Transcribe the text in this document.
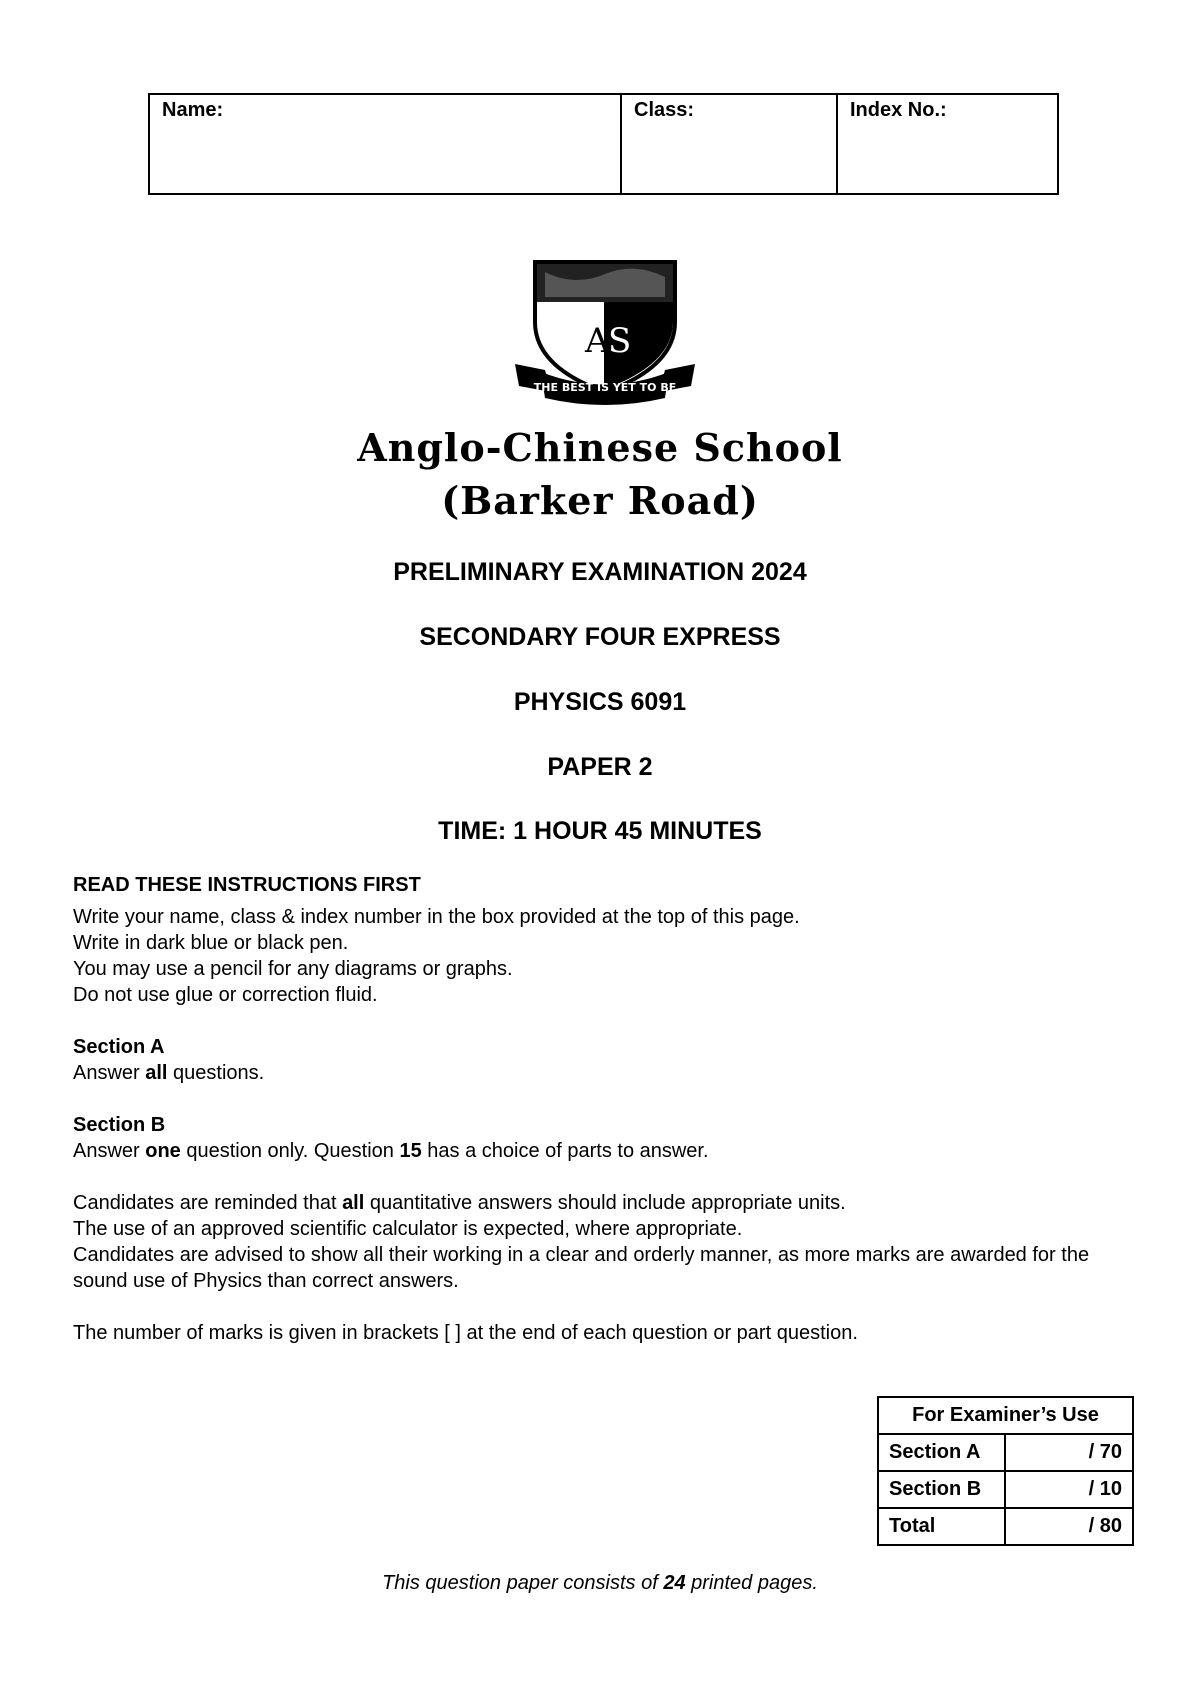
Name:	Class:	Index No.:
A
S
THE BEST IS YET TO BE
Anglo-Chinese School
(Barker Road)
PRELIMINARY EXAMINATION 2024
SECONDARY FOUR EXPRESS
PHYSICS 6091
PAPER 2
TIME: 1 HOUR 45 MINUTES

READ THESE INSTRUCTIONS FIRST

Write your name, class & index number in the box provided at the top of this page.

Write in dark blue or black pen.

You may use a pencil for any diagrams or graphs.

Do not use glue or correction fluid.

Section A

Answer all questions.

Section B

Answer one question only. Question 15 has a choice of parts to answer.

Candidates are reminded that all quantitative answers should include appropriate units.

The use of an approved scientific calculator is expected, where appropriate.

Candidates are advised to show all their working in a clear and orderly manner, as more marks are awarded for the sound use of Physics than correct answers.

The number of marks is given in brackets [ ] at the end of each question or part question.

For Examiner’s Use	
Section A	/ 70
Section B	/ 10
Total	/ 80
This question paper consists of 24 printed pages.
